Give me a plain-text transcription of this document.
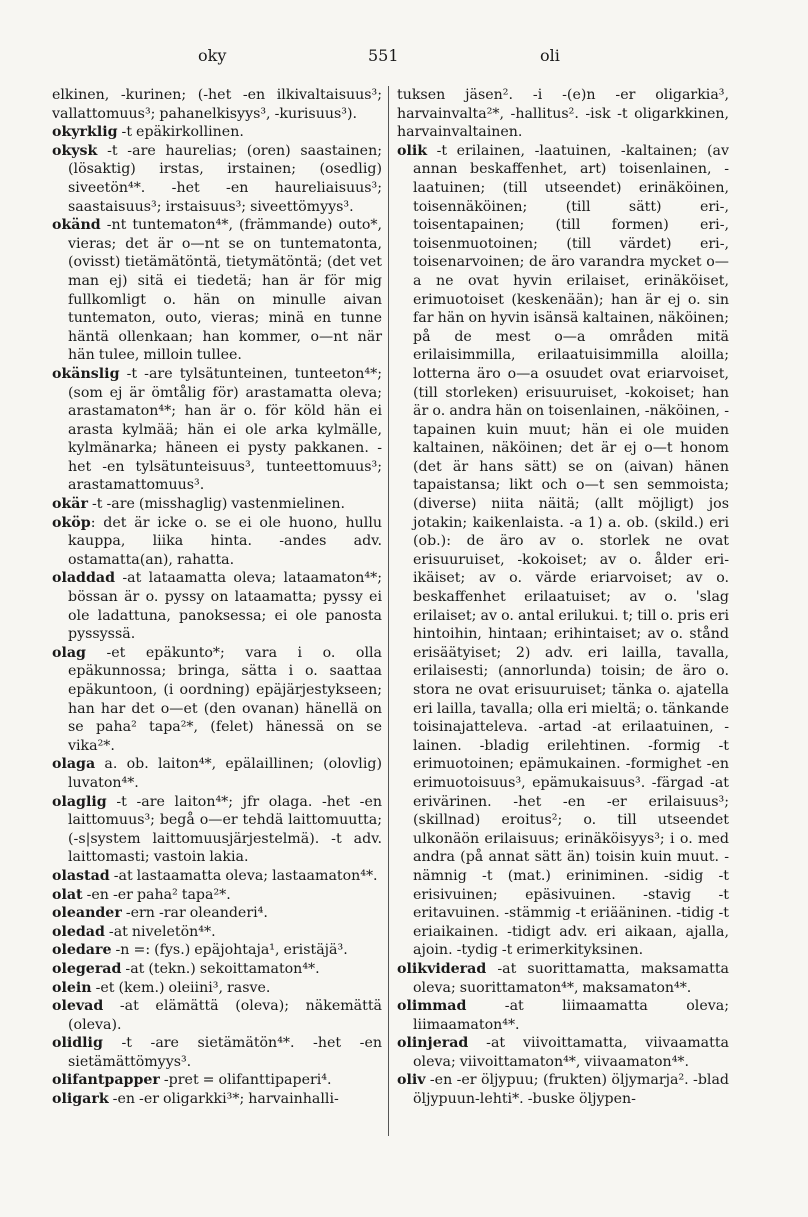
oky	551	oli

elkinen, -kurinen; (-het -en ilkivaltaisuus³; vallattomuus³; pahanelkisyys³, -kurisuus³).

okyrklig -t epäkirkollinen.

okysk -t -are haurelias; (oren) saastainen; (lösaktig) irstas, irstainen; (osedlig) siveetön⁴*. -het -en haureliaisuus³; saastaisuus³; irstaisuus³; siveettömyys³.

okänd -nt tuntematon⁴*, (främmande) outo*, vieras; det är o—nt se on tuntematonta, (ovisst) tietämätöntä, tietymätöntä; (det vet man ej) sitä ei tiedetä; han är för mig fullkomligt o. hän on minulle aivan tuntematon, outo, vieras; minä en tunne häntä ollenkaan; han kommer, o—nt när hän tulee, milloin tullee.

okänslig -t -are tylsätunteinen, tunteeton⁴*; (som ej är ömtålig för) arastamatta oleva; arastamaton⁴*; han är o. för köld hän ei arasta kylmää; hän ei ole arka kylmälle, kylmänarka; häneen ei pysty pakkanen. -het -en tylsätunteisuus³, tunteettomuus³; arastamattomuus³.

okär -t -are (misshaglig) vastenmielinen.

oköp: det är icke o. se ei ole huono, hullu kauppa, liika hinta. -andes adv. ostamatta(an), rahatta.

oladdad -at lataamatta oleva; lataamaton⁴*; bössan är o. pyssy on lataamatta; pyssy ei ole ladattuna, panoksessa; ei ole panosta pyssyssä.

olag -et epäkunto*; vara i o. olla epäkunnossa; bringa, sätta i o. saattaa epäkuntoon, (i oordning) epäjärjestykseen; han har det o—et (den ovanan) hänellä on se paha² tapa²*, (felet) hänessä on se vika²*.

olaga a. ob. laiton⁴*, epälaillinen; (olovlig) luvaton⁴*.

olaglig -t -are laiton⁴*; jfr olaga. -het -en laittomuus³; begå o—er tehdä laittomuutta; (-s|system laittomuusjärjestelmä). -t adv. laittomasti; vastoin lakia.

olastad -at lastaamatta oleva; lastaamaton⁴*.

olat -en -er paha² tapa²*.

oleander -ern -rar oleanderi⁴.

oledad -at niveletön⁴*.

oledare -n =: (fys.) epäjohtaja¹, eristäjä³.

olegerad -at (tekn.) sekoittamaton⁴*.

olein -et (kem.) oleiini³, rasve.

olevad -at elämättä (oleva); näkemättä (oleva).

olidlig -t -are sietämätön⁴*. -het -en sietämättömyys³.

olifantpapper -pret = olifanttipaperi⁴.

oligark -en -er oligarkki³*; harvainhalli-

tuksen jäsen². -i -(e)n -er oligarkia³, harvainvalta²*, -hallitus². -isk -t oligarkkinen, harvainvaltainen.

olik -t erilainen, -laatuinen, -kaltainen; (av annan beskaffenhet, art) toisenlainen, -laatuinen; (till utseendet) erinäköinen, toisennäköinen; (till sätt) eri-, toisentapainen; (till formen) eri-, toisenmuotoinen; (till värdet) eri-, toisenarvoinen; de äro varandra mycket o—a ne ovat hyvin erilaiset, erinäköiset, erimuotoiset (keskenään); han är ej o. sin far hän on hyvin isänsä kaltainen, näköinen; på de mest o—a områden mitä erilaisimmilla, erilaatuisimmilla aloilla; lotterna äro o—a osuudet ovat eriarvoiset, (till storleken) erisuuruiset, -kokoiset; han är o. andra hän on toisenlainen, -näköinen, -tapainen kuin muut; hän ei ole muiden kaltainen, näköinen; det är ej o—t honom (det är hans sätt) se on (aivan) hänen tapaistansa; likt och o—t sen semmoista; (diverse) niita näitä; (allt möjligt) jos jotakin; kaikenlaista. -a 1) a. ob. (skild.) eri (ob.): de äro av o. storlek ne ovat erisuuruiset, -kokoiset; av o. ålder eri-ikäiset; av o. värde eriarvoiset; av o. beskaffenhet erilaatuiset; av o. 'slag erilaiset; av o. antal erilukui. t; till o. pris eri hintoihin, hintaan; erihintaiset; av o. stånd erisäätyiset; 2) adv. eri lailla, tavalla, erilaisesti; (annorlunda) toisin; de äro o. stora ne ovat erisuuruiset; tänka o. ajatella eri lailla, tavalla; olla eri mieltä; o. tänkande toisinajatteleva. -artad -at erilaatuinen, -lainen. -bladig erilehtinen. -formig -t erimuotoinen; epämukainen. -formighet -en erimuotoisuus³, epämukaisuus³. -färgad -at erivärinen. -het -en -er erilaisuus³; (skillnad) eroitus²; o. till utseendet ulkonäön erilaisuus; erinäköisyys³; i o. med andra (på annat sätt än) toisin kuin muut. -nämnig -t (mat.) eriniminen. -sidig -t erisivuinen; epäsivuinen. -stavig -t eritavuinen. -stämmig -t eriääninen. -tidig -t eriaikainen. -tidigt adv. eri aikaan, ajalla, ajoin. -tydig -t erimerkityksinen.

olikviderad -at suorittamatta, maksamatta oleva; suorittamaton⁴*, maksamaton⁴*.

olimmad -at liimaamatta oleva; liimaamaton⁴*.

olinjerad -at viivoittamatta, viivaamatta oleva; viivoittamaton⁴*, viivaamaton⁴*.

oliv -en -er öljypuu; (frukten) öljymarja². -blad öljypuun-lehti*. -buske öljypen-
